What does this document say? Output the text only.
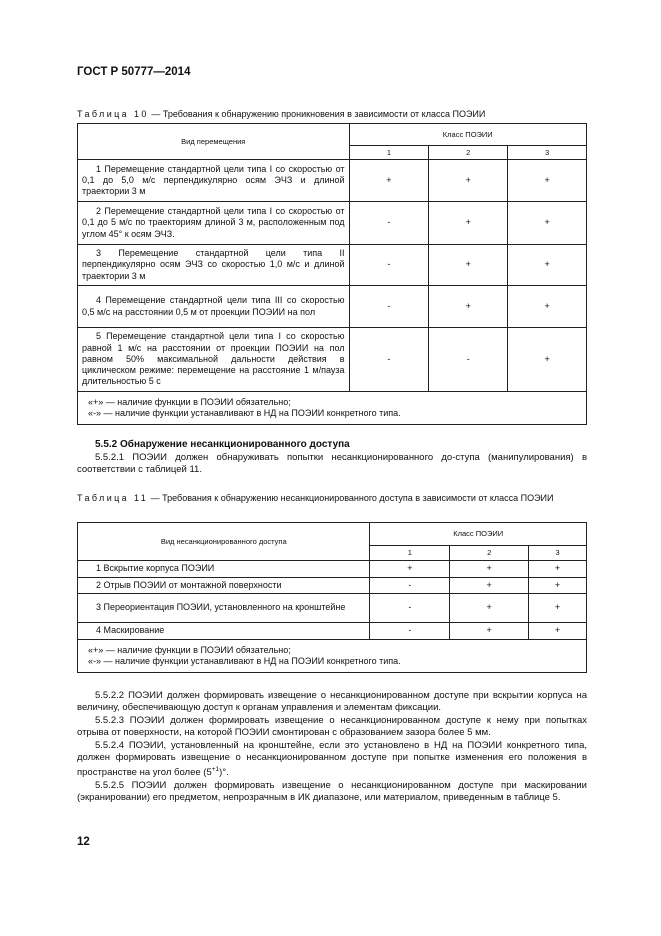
ГОСТ Р 50777—2014
Таблица 10 — Требования к обнаружению проникновения в зависимости от класса ПОЭИИ
Вид перемещения	Класс ПОЭИИ		
	1	2	3

1 Перемещение стандартной цели типа I со скоростью от 0,1 до 5,0 м/с перпендикулярно осям ЭЧЗ и длиной траектории 3 м	+	+	+

2 Перемещение стандартной цели типа I со скоростью от 0,1 до 5 м/с по траекториям длиной 3 м, расположенным под углом 45° к осям ЭЧЗ.	-	+	+

3 Перемещение стандартной цели типа II перпендикулярно осям ЭЧЗ со скоростью 1,0 м/с и длиной траектории 3 м	-	+	+

4 Перемещение стандартной цели типа III со скоростью 0,5 м/с на расстоянии 0,5 м от проекции ПОЭИИ на пол	-	+	+

5 Перемещение стандартной цели типа I со скоростью равной 1 м/с на расстоянии от проекции ПОЭИИ на пол равном 50% максимальной дальности действия в циклическом режиме: перемещение на расстояние 1 м/пауза длительностью 5 с	-	-	+

«+» — наличие функции в ПОЭИИ обязательно;

«-» — наличие функции устанавливают в НД на ПОЭИИ конкретного типа.			

5.5.2 Обнаружение несанкционированного доступа

5.5.2.1 ПОЭИИ должен обнаруживать попытки несанкционированного до-ступа (манипулирования) в соответствии с таблицей 11.

Таблица 11 — Требования к обнаружению несанкционированного доступа в зависимости от класса ПОЭИИ
Вид несанкционированного доступа	Класс ПОЭИИ		
	1	2	3

1 Вскрытие корпуса ПОЭИИ	+	+	+

2 Отрыв ПОЭИИ от монтажной поверхности	-	+	+

3 Переориентация ПОЭИИ, установленного на кронштейне	-	+	+

4 Маскирование	-	+	+

«+» — наличие функции в ПОЭИИ обязательно;

«-» — наличие функции устанавливают в НД на ПОЭИИ конкретного типа.			

5.5.2.2 ПОЭИИ должен формировать извещение о несанкционированном доступе при вскрытии корпуса на величину, обеспечивающую доступ к органам управления и элементам фиксации.

5.5.2.3 ПОЭИИ должен формировать извещение о несанкционированном доступе к нему при попытках отрыва от поверхности, на которой ПОЭИИ смонтирован с образованием зазора более 5 мм.

5.5.2.4 ПОЭИИ, установленный на кронштейне, если это установлено в НД на ПОЭИИ конкретного типа, должен формировать извещение о несанкционированном доступе при попытке изменения его положения в пространстве на угол более $(5^{+1})^\circ$.

5.5.2.5 ПОЭИИ должен формировать извещение о несанкционированном доступе при маскировании (экранировании) его предметом, непрозрачным в ИК диапазоне, или материалом, приведенным в таблице 5.

12
